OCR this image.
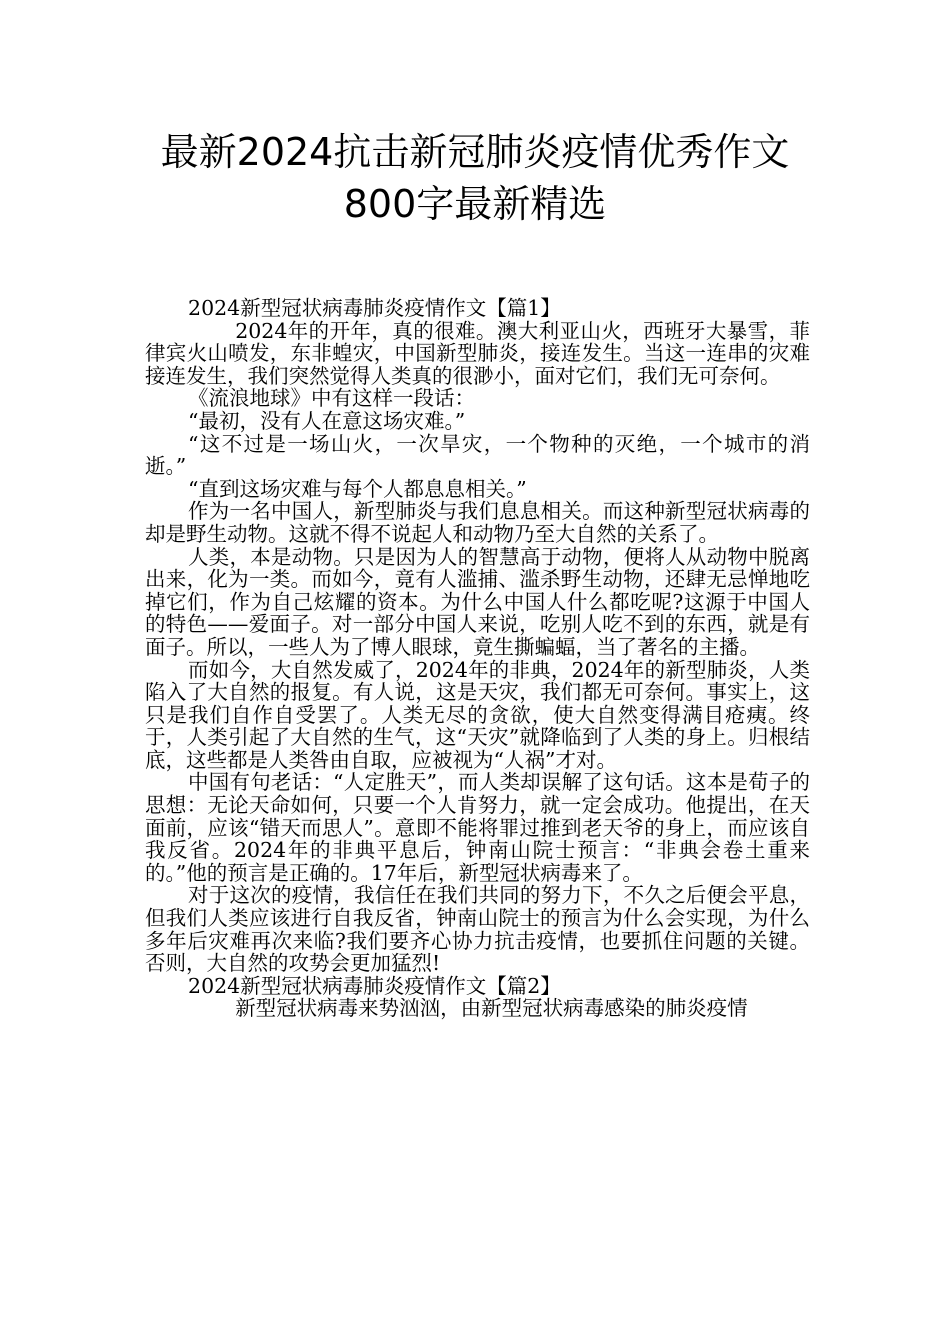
最新2024抗击新冠肺炎疫情优秀作文
800字最新精选

2024新型冠状病毒肺炎疫情作文【篇1】

2024年的开年，真的很难。澳大利亚山火，西班牙大暴雪，菲律宾火山喷发，东非蝗灾，中国新型肺炎，接连发生。当这一连串的灾难接连发生，我们突然觉得人类真的很渺小，面对它们，我们无可奈何。

《流浪地球》中有这样一段话：

“最初，没有人在意这场灾难。”

“这不过是一场山火，一次旱灾，一个物种的灭绝，一个城市的消逝。”

“直到这场灾难与每个人都息息相关。”

作为一名中国人，新型肺炎与我们息息相关。而这种新型冠状病毒的却是野生动物。这就不得不说起人和动物乃至大自然的关系了。

人类，本是动物。只是因为人的智慧高于动物，便将人从动物中脱离出来，化为一类。而如今，竟有人滥捕、滥杀野生动物，还肆无忌惮地吃掉它们，作为自己炫耀的资本。为什么中国人什么都吃呢?这源于中国人的特色——爱面子。对一部分中国人来说，吃别人吃不到的东西，就是有面子。所以，一些人为了博人眼球，竟生撕蝙蝠，当了著名的主播。

而如今，大自然发威了，2024年的非典，2024年的新型肺炎，人类陷入了大自然的报复。有人说，这是天灾，我们都无可奈何。事实上，这只是我们自作自受罢了。人类无尽的贪欲，使大自然变得满目疮痍。终于，人类引起了大自然的生气，这“天灾”就降临到了人类的身上。归根结底，这些都是人类咎由自取，应被视为“人祸”才对。

中国有句老话：“人定胜天”，而人类却误解了这句话。这本是荀子的思想：无论天命如何，只要一个人肯努力，就一定会成功。他提出，在天面前，应该“错天而思人”。意即不能将罪过推到老天爷的身上，而应该自我反省。2024年的非典平息后，钟南山院士预言：“非典会卷土重来的。”他的预言是正确的。17年后，新型冠状病毒来了。

对于这次的疫情，我信任在我们共同的努力下，不久之后便会平息，但我们人类应该进行自我反省，钟南山院士的预言为什么会实现，为什么多年后灾难再次来临?我们要齐心协力抗击疫情，也要抓住问题的关键。否则，大自然的攻势会更加猛烈!

2024新型冠状病毒肺炎疫情作文【篇2】

新型冠状病毒来势汹汹，由新型冠状病毒感染的肺炎疫情
